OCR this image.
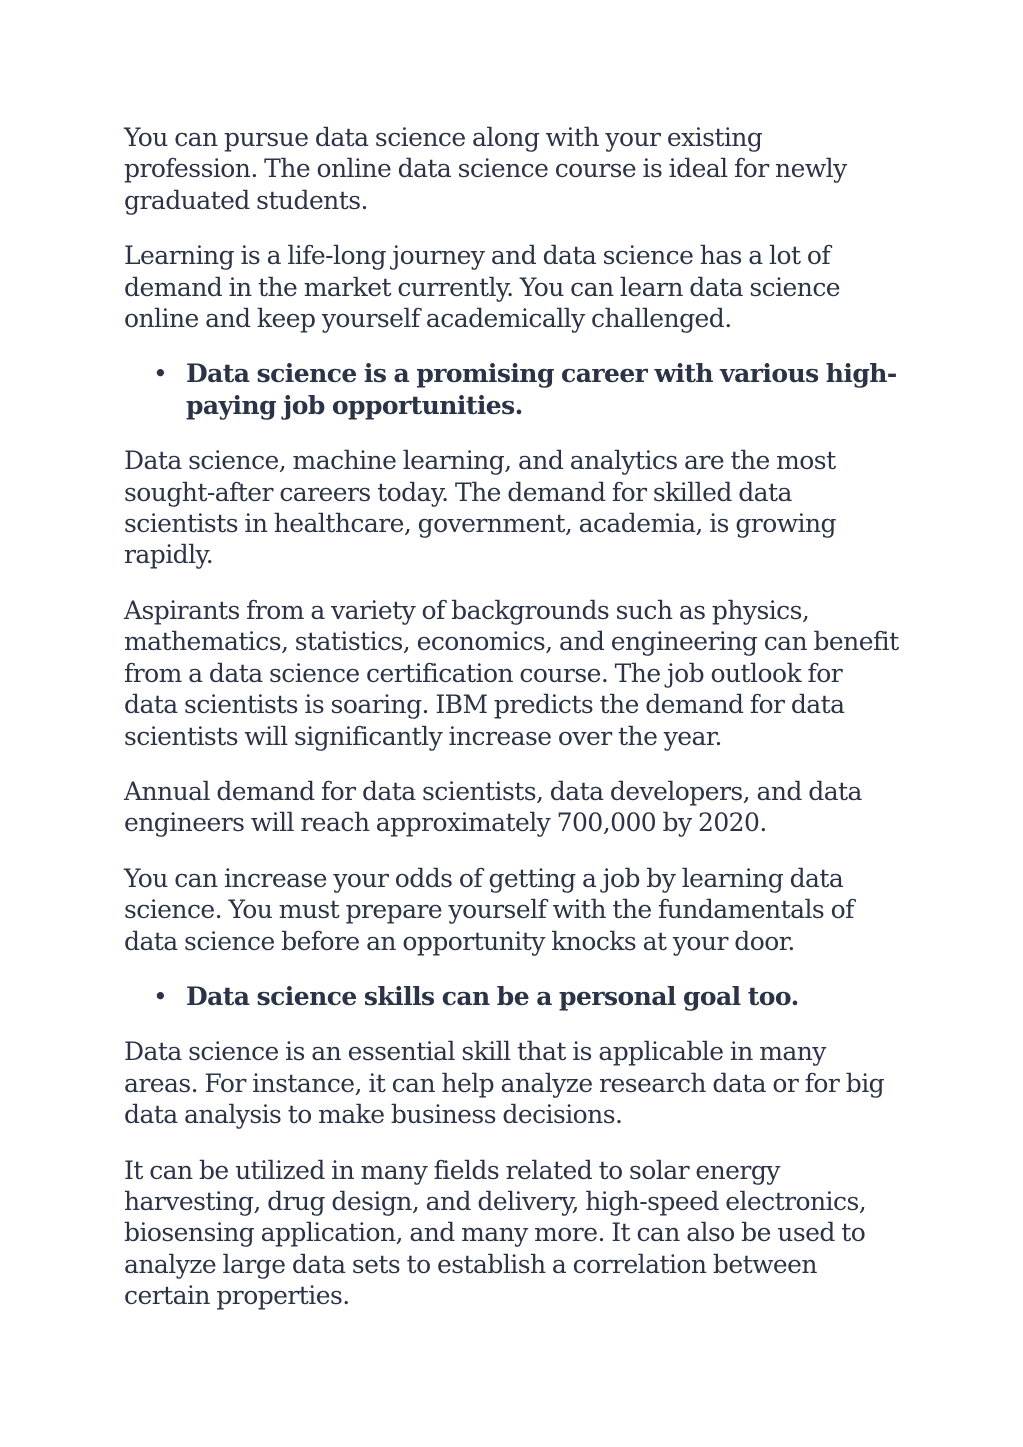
You can pursue data science along with your existing profession. The online data science course is ideal for newly graduated students.

Learning is a life-long journey and data science has a lot of demand in the market currently. You can learn data science online and keep yourself academically challenged.

• Data science is a promising career with various high-paying job opportunities.

Data science, machine learning, and analytics are the most sought-after careers today. The demand for skilled data scientists in healthcare, government, academia, is growing rapidly.

Aspirants from a variety of backgrounds such as physics, mathematics, statistics, economics, and engineering can benefit from a data science certification course. The job outlook for data scientists is soaring. IBM predicts the demand for data scientists will significantly increase over the year.

Annual demand for data scientists, data developers, and data engineers will reach approximately 700,000 by 2020.

You can increase your odds of getting a job by learning data science. You must prepare yourself with the fundamentals of data science before an opportunity knocks at your door.

• Data science skills can be a personal goal too.

Data science is an essential skill that is applicable in many areas. For instance, it can help analyze research data or for big data analysis to make business decisions.

It can be utilized in many fields related to solar energy harvesting, drug design, and delivery, high-speed electronics, biosensing application, and many more. It can also be used to analyze large data sets to establish a correlation between certain properties.
